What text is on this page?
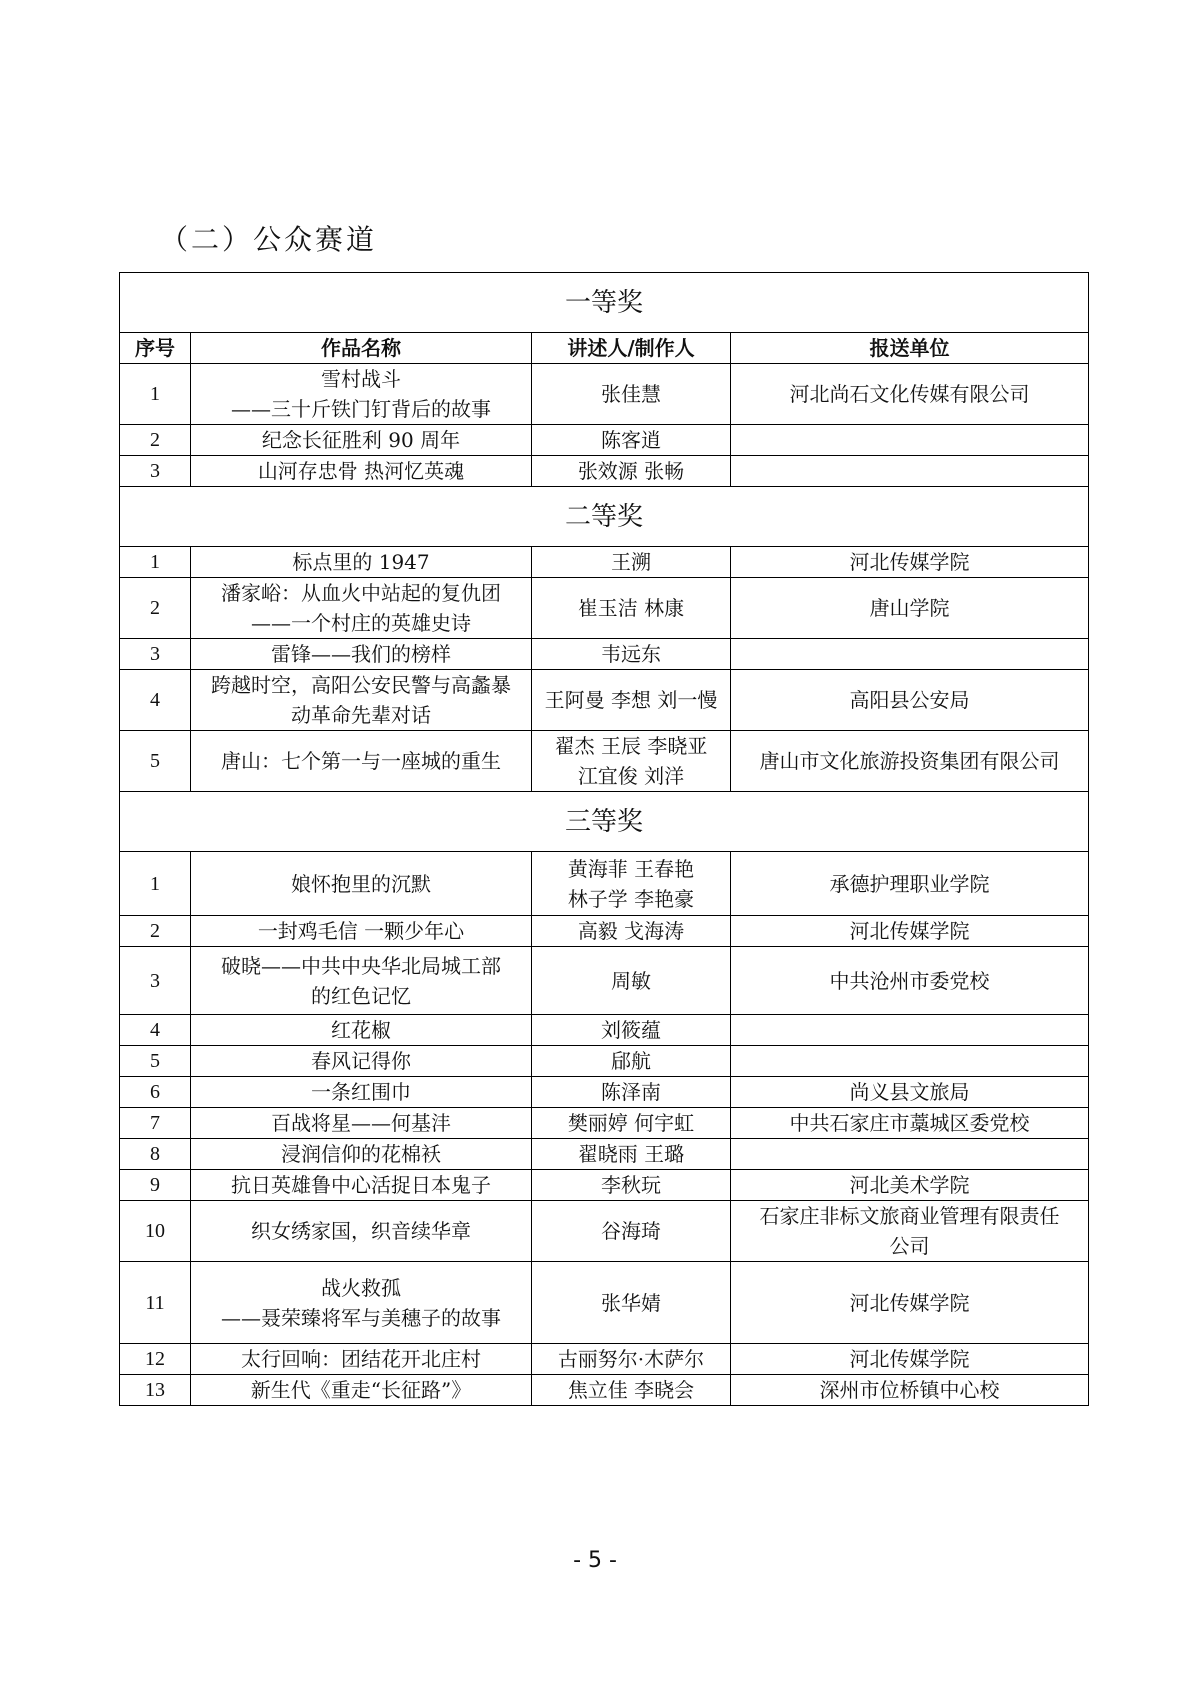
（二）公众赛道
一等奖			
序号	作品名称	讲述人/制作人	报送单位
1	雪村战斗
——三十斤铁门钉背后的故事	张佳慧	河北尚石文化传媒有限公司

2	纪念长征胜利 90 周年	陈客逍	

3	山河存忠骨 热河忆英魂	张效源 张畅	

二等奖			
1	标点里的 1947	王溯	河北传媒学院

2	潘家峪：从血火中站起的复仇团
——一个村庄的英雄史诗	崔玉洁 林康	唐山学院

3	雷锋——我们的榜样	韦远东	

4	跨越时空，高阳公安民警与高蠡暴
动革命先辈对话	王阿曼 李想 刘一慢	高阳县公安局

5	唐山：七个第一与一座城的重生	翟杰 王辰 李晓亚
江宜俊 刘洋	唐山市文化旅游投资集团有限公司

三等奖			
1	娘怀抱里的沉默	黄海菲 王春艳
林子学 李艳豪	承德护理职业学院

2	一封鸡毛信 一颗少年心	高毅 戈海涛	河北传媒学院

3	破晓——中共中央华北局城工部
的红色记忆	周敏	中共沧州市委党校

4	红花椒	刘筱蕴	

5	春风记得你	郈航	

6	一条红围巾	陈泽南	尚义县文旅局

7	百战将星——何基沣	樊丽婷 何宇虹	中共石家庄市藁城区委党校

8	浸润信仰的花棉袄	翟晓雨 王璐	

9	抗日英雄鲁中心活捉日本鬼子	李秋玩	河北美术学院

10	织女绣家国，织音续华章	谷海琦	石家庄非标文旅商业管理有限责任
公司

11	战火救孤
——聂荣臻将军与美穗子的故事	张华婧	河北传媒学院

12	太行回响：团结花开北庄村	古丽努尔·木萨尔	河北传媒学院

13	新生代《重走“长征路”》	焦立佳 李晓会	深州市位桥镇中心校
- 5 -
